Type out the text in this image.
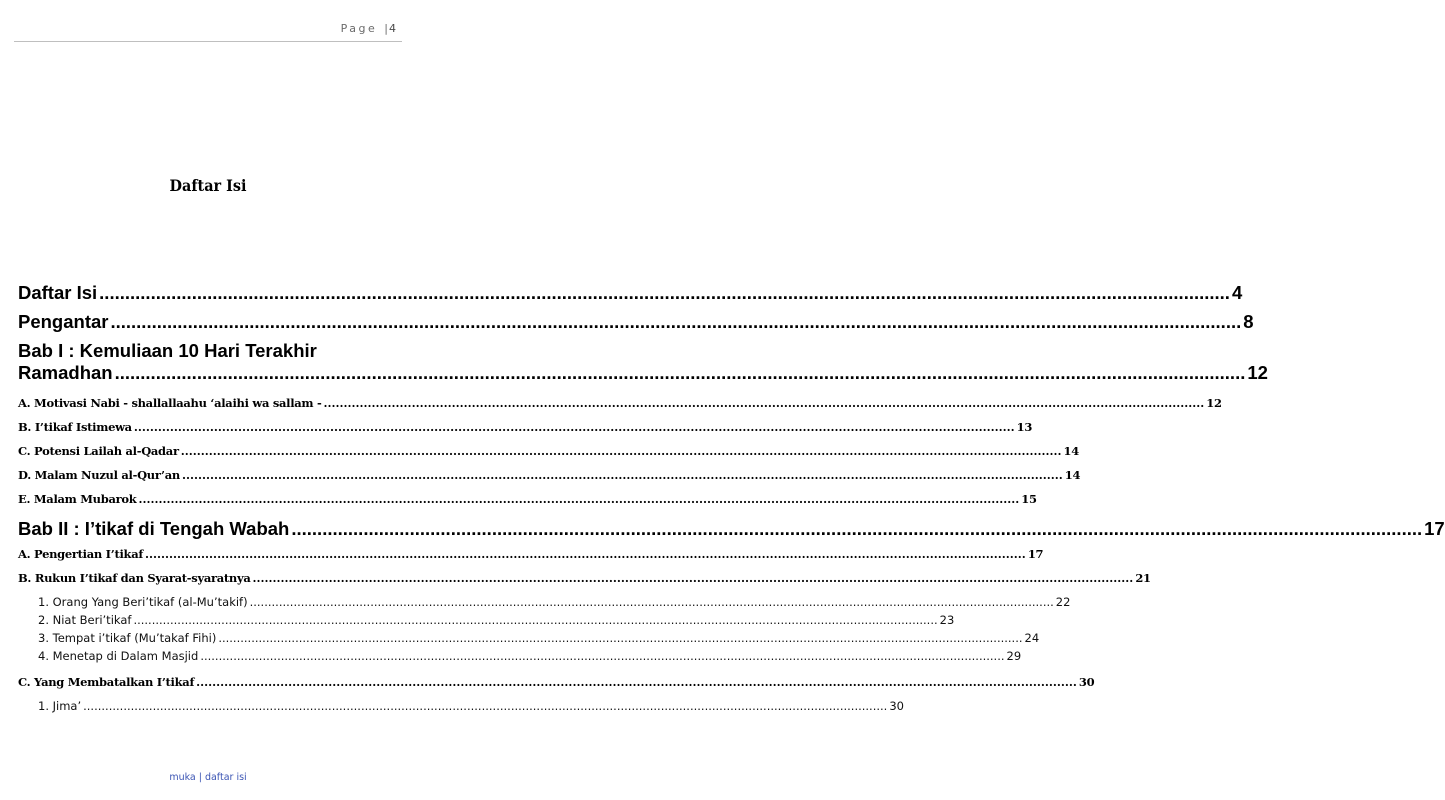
Page |4
Daftar Isi
Daftar Isi ............................................................................................................................................................................................................................ 4
Pengantar ............................................................................................................................................................................................................................ 8
Bab I : Kemuliaan 10 Hari Terakhir
Ramadhan ............................................................................................................................................................................................................................ 12
A. Motivasi Nabi - shallallaahu ‘alaihi wa sallam - ............................................................................................................................................................................................................................ 12
B. I’tikaf Istimewa ............................................................................................................................................................................................................................ 13
C. Potensi Lailah al-Qadar ............................................................................................................................................................................................................................ 14
D. Malam Nuzul al-Qur’an ............................................................................................................................................................................................................................ 14
E. Malam Mubarok ............................................................................................................................................................................................................................ 15
Bab II : I’tikaf di Tengah Wabah ............................................................................................................................................................................................................................ 17
A. Pengertian I’tikaf ............................................................................................................................................................................................................................ 17
B. Rukun I’tikaf dan Syarat-syaratnya ............................................................................................................................................................................................................................ 21
1. Orang Yang Beri’tikaf (al-Mu’takif) ............................................................................................................................................................................................................................ 22
2. Niat Beri’tikaf ............................................................................................................................................................................................................................ 23
3. Tempat i’tikaf (Mu’takaf Fihi) ............................................................................................................................................................................................................................ 24
4. Menetap di Dalam Masjid ............................................................................................................................................................................................................................ 29
C. Yang Membatalkan I’tikaf ............................................................................................................................................................................................................................ 30
1. Jima’ ............................................................................................................................................................................................................................ 30
muka | daftar isi
